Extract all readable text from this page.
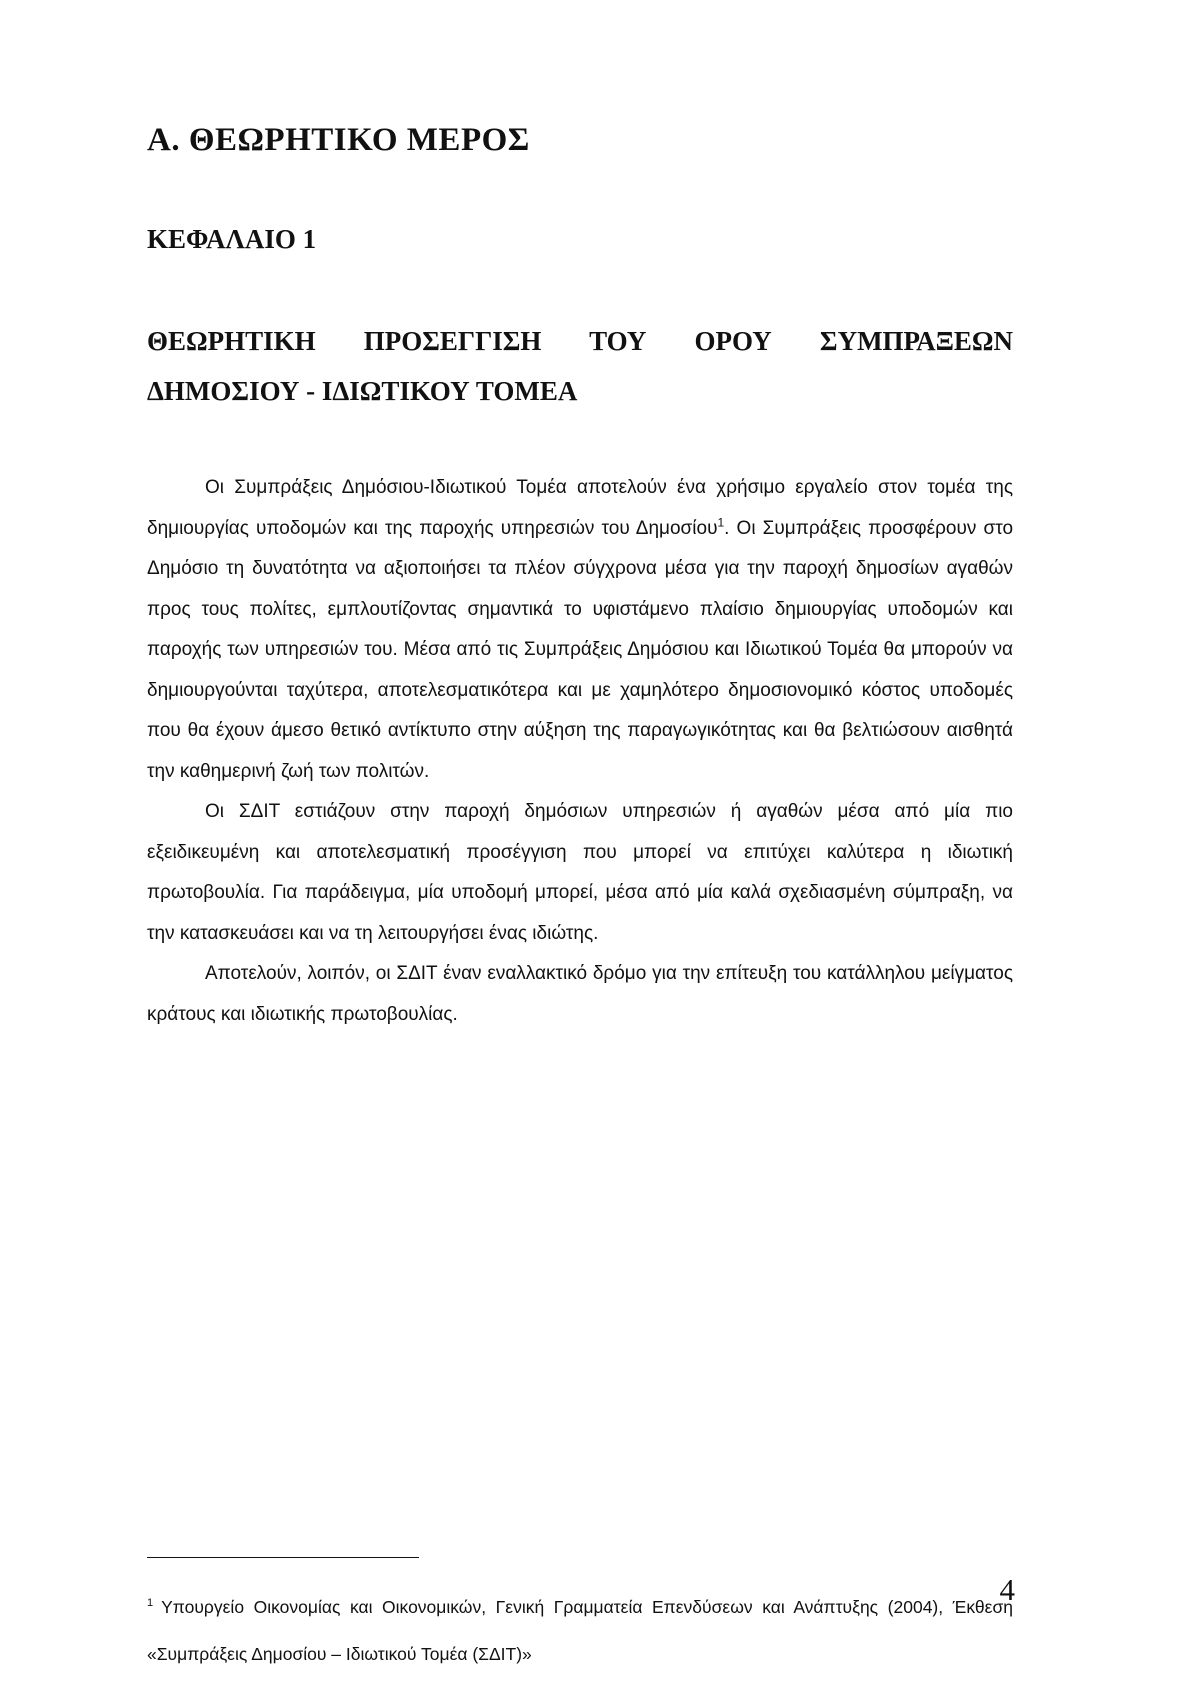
Α. ΘΕΩΡΗΤΙΚΟ ΜΕΡΟΣ
ΚΕΦΑΛΑΙΟ 1
ΘΕΩΡΗΤΙΚΗ ΠΡΟΣΕΓΓΙΣΗ ΤΟΥ ΟΡΟΥ ΣΥΜΠΡΑΞΕΩΝ
ΔΗΜΟΣΙΟΥ - ΙΔΙΩΤΙΚΟΥ ΤΟΜΕΑ

Οι Συμπράξεις Δημόσιου-Ιδιωτικού Τομέα αποτελούν ένα χρήσιμο εργαλείο στον τομέα της δημιουργίας υποδομών και της παροχής υπηρεσιών του Δημοσίου$^1$. Οι Συμπράξεις προσφέρουν στο Δημόσιο τη δυνατότητα να αξιοποιήσει τα πλέον σύγχρονα μέσα για την παροχή δημοσίων αγαθών προς τους πολίτες, εμπλουτίζοντας σημαντικά το υφιστάμενο πλαίσιο δημιουργίας υποδομών και παροχής των υπηρεσιών του. Μέσα από τις Συμπράξεις Δημόσιου και Ιδιωτικού Τομέα θα μπορούν να δημιουργούνται ταχύτερα, αποτελεσματικότερα και με χαμηλότερο δημοσιονομικό κόστος υποδομές που θα έχουν άμεσο θετικό αντίκτυπο στην αύξηση της παραγωγικότητας και θα βελτιώσουν αισθητά την καθημερινή ζωή των πολιτών.

Οι ΣΔΙΤ εστιάζουν στην παροχή δημόσιων υπηρεσιών ή αγαθών μέσα από μία πιο εξειδικευμένη και αποτελεσματική προσέγγιση που μπορεί να επιτύχει καλύτερα η ιδιωτική πρωτοβουλία. Για παράδειγμα, μία υποδομή μπορεί, μέσα από μία καλά σχεδιασμένη σύμπραξη, να την κατασκευάσει και να τη λειτουργήσει ένας ιδιώτης.

Αποτελούν, λοιπόν, οι ΣΔΙΤ έναν εναλλακτικό δρόμο για την επίτευξη του κατάλληλου μείγματος κράτους και ιδιωτικής πρωτοβουλίας.

$^1$ Υπουργείο Οικονομίας και Οικονομικών, Γενική Γραμματεία Επενδύσεων και Ανάπτυξης (2004), Έκθεση «Συμπράξεις Δημοσίου – Ιδιωτικού Τομέα (ΣΔΙΤ)»
4
